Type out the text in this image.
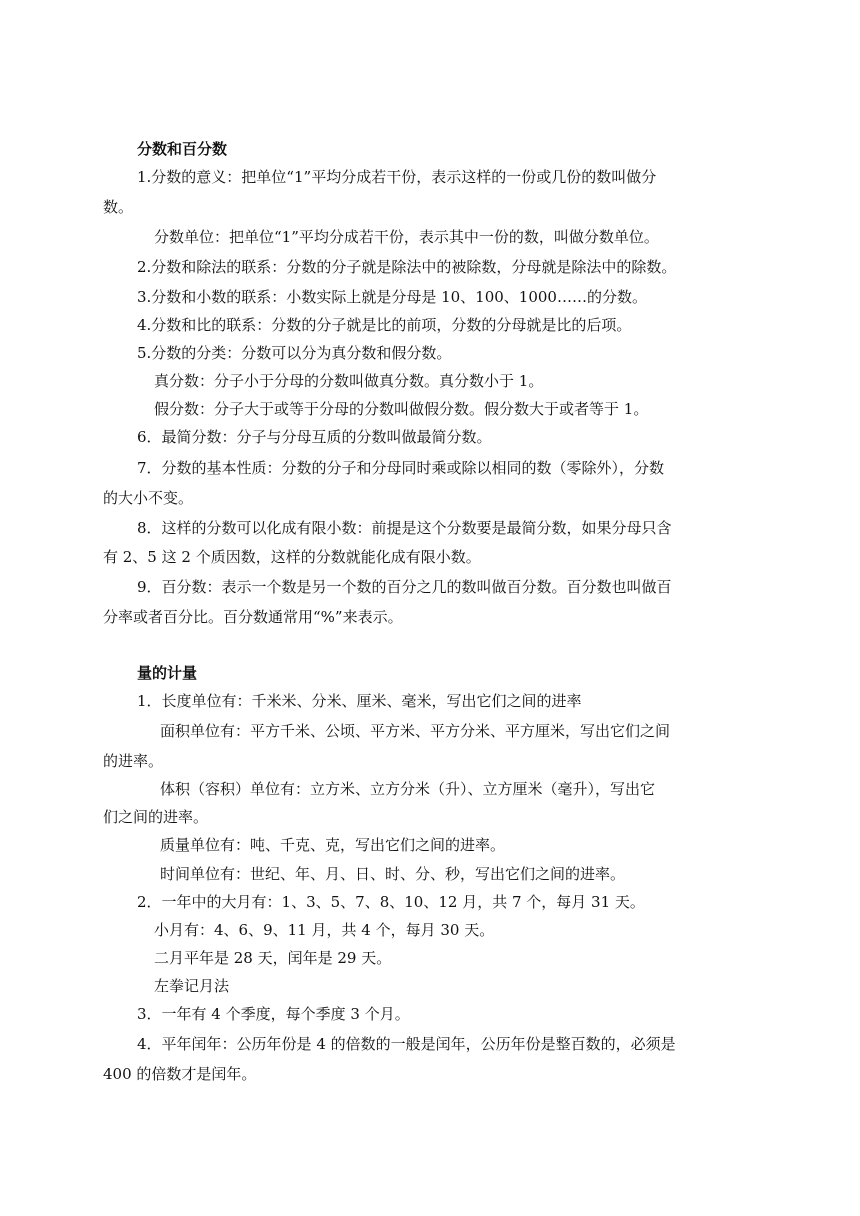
分数和百分数
1.分数的意义：把单位“1”平均分成若干份，表示这样的一份或几份的数叫做分
数。
分数单位：把单位“1”平均分成若干份，表示其中一份的数，叫做分数单位。
2.分数和除法的联系：分数的分子就是除法中的被除数，分母就是除法中的除数。
3.分数和小数的联系：小数实际上就是分母是 10、100、1000……的分数。
4.分数和比的联系：分数的分子就是比的前项，分数的分母就是比的后项。
5.分数的分类：分数可以分为真分数和假分数。
真分数：分子小于分母的分数叫做真分数。真分数小于 1。
假分数：分子大于或等于分母的分数叫做假分数。假分数大于或者等于 1。
6．最简分数：分子与分母互质的分数叫做最简分数。
7．分数的基本性质：分数的分子和分母同时乘或除以相同的数（零除外），分数
的大小不变。
8．这样的分数可以化成有限小数：前提是这个分数要是最简分数，如果分母只含
有 2、5 这 2 个质因数，这样的分数就能化成有限小数。
9．百分数：表示一个数是另一个数的百分之几的数叫做百分数。百分数也叫做百
分率或者百分比。百分数通常用“%”来表示。
量的计量
1．长度单位有：千米米、分米、厘米、毫米，写出它们之间的进率
面积单位有：平方千米、公顷、平方米、平方分米、平方厘米，写出它们之间
的进率。
体积（容积）单位有：立方米、立方分米（升）、立方厘米（毫升），写出它
们之间的进率。
质量单位有：吨、千克、克，写出它们之间的进率。
时间单位有：世纪、年、月、日、时、分、秒，写出它们之间的进率。
2．一年中的大月有：1、3、5、7、8、10、12 月，共 7 个，每月 31 天。
小月有：4、6、9、11 月，共 4 个，每月 30 天。
二月平年是 28 天，闰年是 29 天。
左拳记月法
3．一年有 4 个季度，每个季度 3 个月。
4．平年闰年：公历年份是 4 的倍数的一般是闰年，公历年份是整百数的，必须是
400 的倍数才是闰年。
